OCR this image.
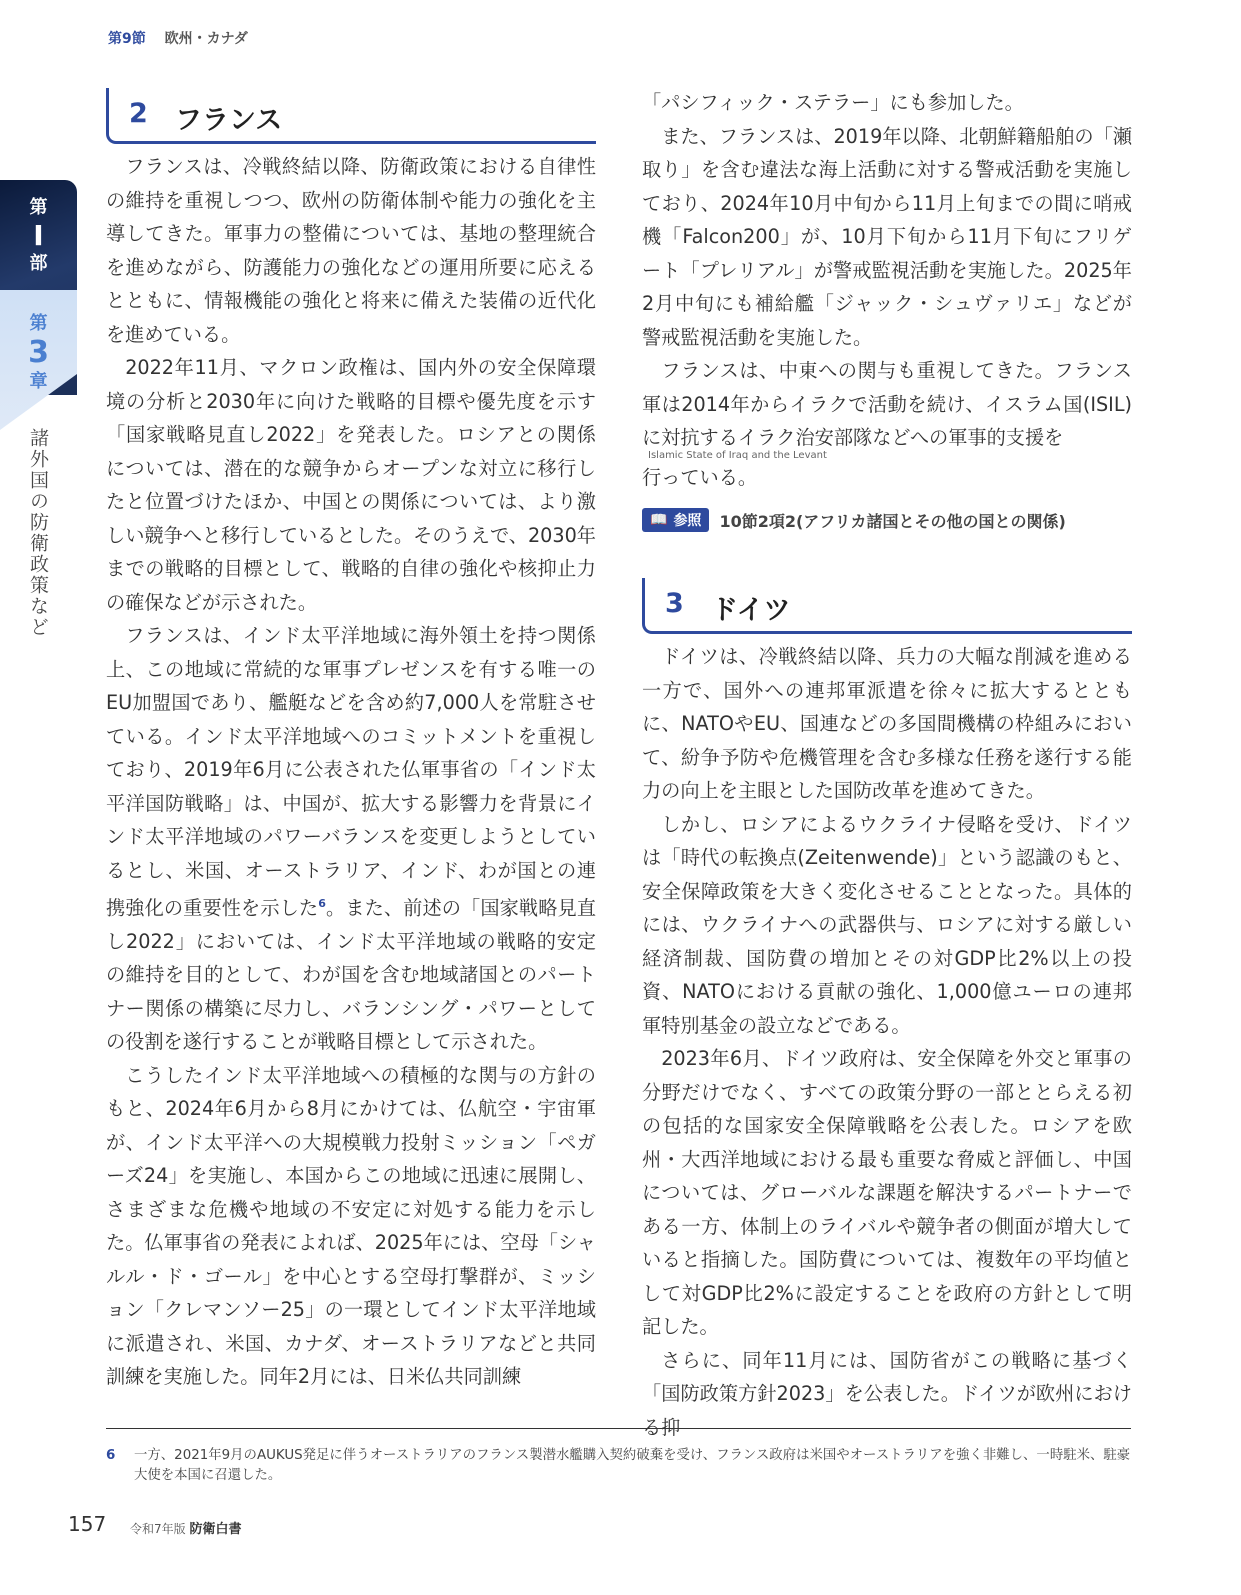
第9節 欧州・カナダ
第
I
部
第
3
章
諸外国の防衛政策など
2 フランス

フランスは、冷戦終結以降、防衛政策における自律性の維持を重視しつつ、欧州の防衛体制や能力の強化を主導してきた。軍事力の整備については、基地の整理統合を進めながら、防護能力の強化などの運用所要に応える とともに、情報機能の強化と将来に備えた装備の近代化を進めている。

2022年11月、マクロン政権は、国内外の安全保障環境の分析と2030年に向けた戦略的目標や優先度を示す「国家戦略見直し2022」を発表した。ロシアとの関係については、潜在的な競争からオープンな対立に移行したと位置づけたほか、中国との関係については、より激しい競争へと移行しているとした。そのうえで、2030年までの戦略的目標として、戦略的自律の強化や核抑止力の確保などが示された。

フランスは、インド太平洋地域に海外領土を持つ関係上、この地域に常続的な軍事プレゼンスを有する唯一のEU加盟国であり、艦艇などを含め約7,000人を常駐させている。インド太平洋地域へのコミットメントを重視しており、2019年6月に公表された仏軍事省の「インド太平洋国防戦略」は、中国が、拡大する影響力を背景にインド太平洋地域のパワーバランスを変更しようとしているとし、米国、オーストラリア、インド、わが国との連携強化の重要性を示した$^6$。また、前述の「国家戦略見直し2022」においては、インド太平洋地域の戦略的安定の維持を目的として、わが国を含む地域諸国とのパートナー関係の構築に尽力し、バランシング・パワーとしての役割を遂行することが戦略目標として示された。

こうしたインド太平洋地域への積極的な関与の方針のもと、2024年6月から8月にかけては、仏航空・宇宙軍が、インド太平洋への大規模戦力投射ミッション「ペガーズ24」を実施し、本国からこの地域に迅速に展開し、さまざまな危機や地域の不安定に対処する能力を示した。仏軍事省の発表によれば、2025年には、空母「シャルル・ド・ゴール」を中心とする空母打撃群が、ミッション「クレマンソー25」の一環としてインド太平洋地域に派遣され、米国、カナダ、オーストラリアなどと共同訓練を実施した。同年2月には、日米仏共同訓練

「パシフィック・ステラー」にも参加した。

また、フランスは、2019年以降、北朝鮮籍船舶の「瀬取り」を含む違法な海上活動に対する警戒活動を実施しており、2024年10月中旬から11月上旬までの間に哨戒機「Falcon200」が、10月下旬から11月下旬にフリゲート「プレリアル」が警戒監視活動を実施した。2025年2月中旬にも補給艦「ジャック・シュヴァリエ」などが警戒監視活動を実施した。

フランスは、中東への関与も重視してきた。フランス軍は2014年からイラクで活動を続け、イスラム国(ISIL)に対抗するイラク治安部隊などへの軍事的支援を

Islamic State of Iraq and the Levant

行っている。

📖 参照 10節2項2(アフリカ諸国とその他の国との関係)
3 ドイツ

ドイツは、冷戦終結以降、兵力の大幅な削減を進める一方で、国外への連邦軍派遣を徐々に拡大するとともに、NATOやEU、国連などの多国間機構の枠組みにおいて、紛争予防や危機管理を含む多様な任務を遂行する能力の向上を主眼とした国防改革を進めてきた。

しかし、ロシアによるウクライナ侵略を受け、ドイツは「時代の転換点(Zeitenwende)」という認識のもと、安全保障政策を大きく変化させることとなった。具体的には、ウクライナへの武器供与、ロシアに対する厳しい経済制裁、国防費の増加とその対GDP比2%以上の投資、NATOにおける貢献の強化、1,000億ユーロの連邦軍特別基金の設立などである。

2023年6月、ドイツ政府は、安全保障を外交と軍事の分野だけでなく、すべての政策分野の一部ととらえる初の包括的な国家安全保障戦略を公表した。ロシアを欧州・大西洋地域における最も重要な脅威と評価し、中国については、グローバルな課題を解決するパートナーである一方、体制上のライバルや競争者の側面が増大していると指摘した。国防費については、複数年の平均値として対GDP比2%に設定することを政府の方針として明記した。

さらに、同年11月には、国防省がこの戦略に基づく「国防政策方針2023」を公表した。ドイツが欧州における抑

6 一方、2021年9月のAUKUS発足に伴うオーストラリアのフランス製潜水艦購入契約破棄を受け、フランス政府は米国やオーストラリアを強く非難し、一時駐米、駐豪大使を本国に召還した。
157 令和7年版 防衛白書
